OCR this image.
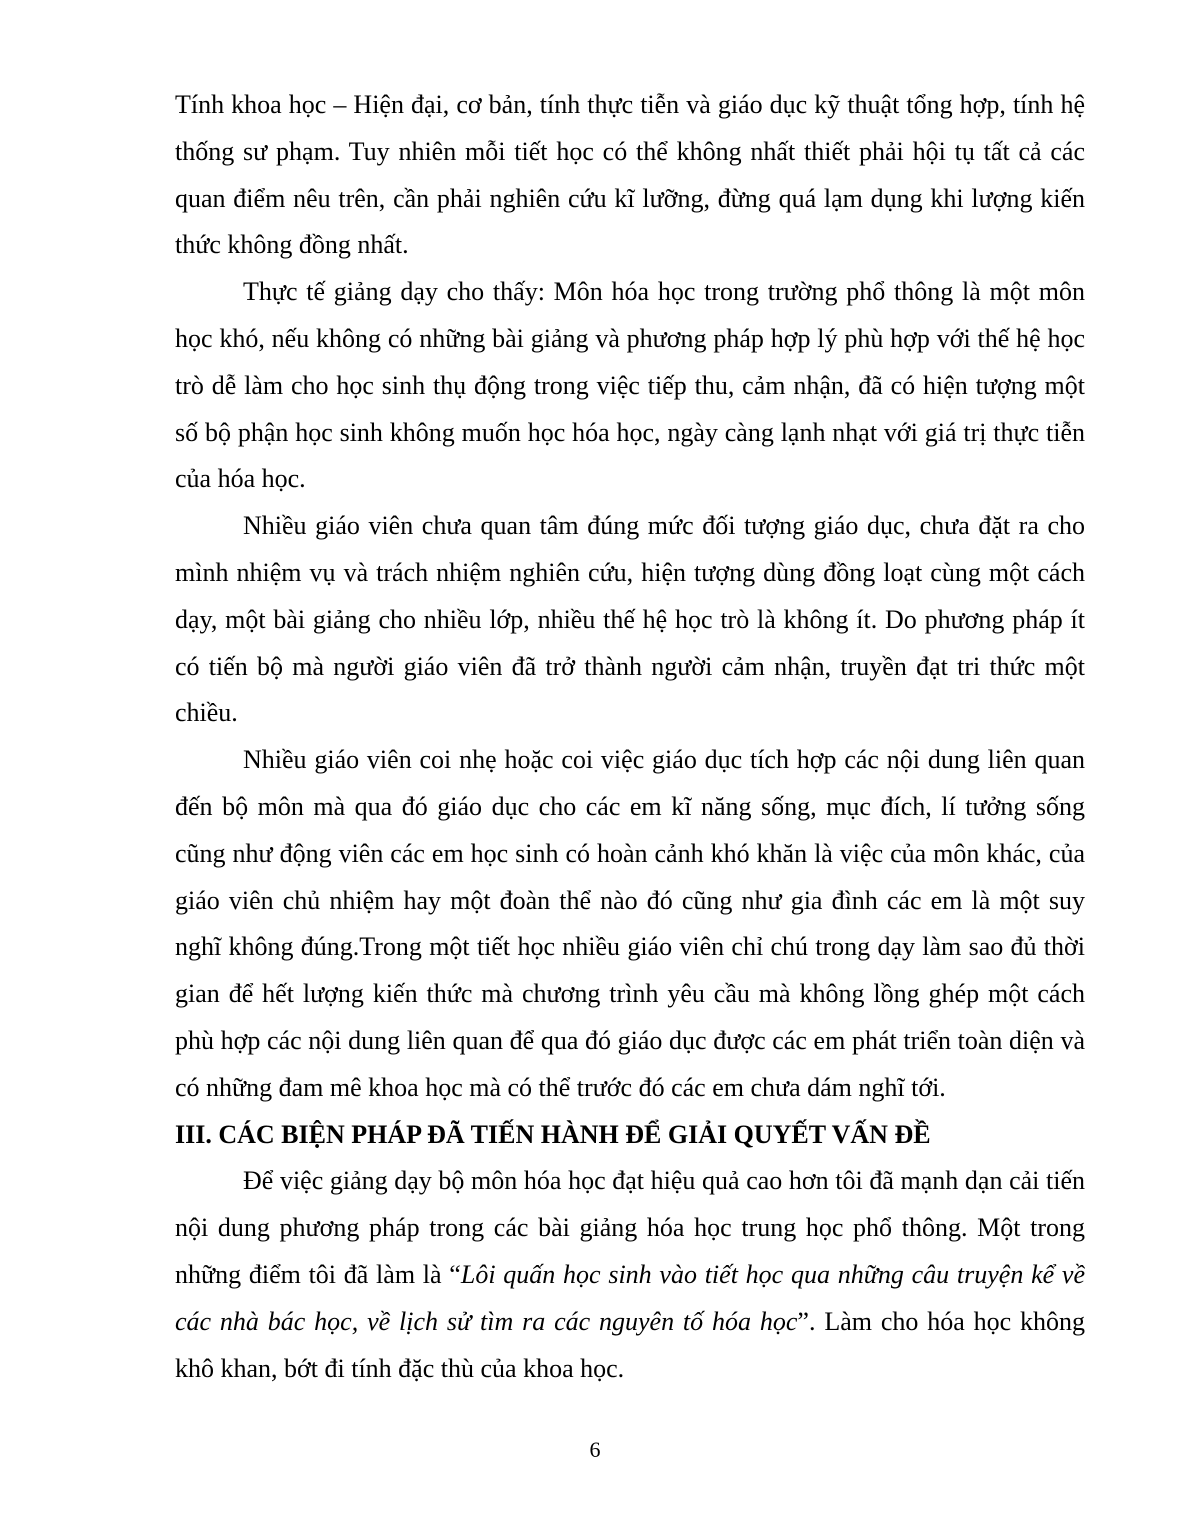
Tính khoa học – Hiện đại, cơ bản, tính thực tiễn và giáo dục kỹ thuật tổng hợp, tính hệ thống sư phạm. Tuy nhiên mỗi tiết học có thể không nhất thiết phải hội tụ tất cả các quan điểm nêu trên, cần phải nghiên cứu kĩ lưỡng, đừng quá lạm dụng khi lượng kiến thức không đồng nhất.

Thực tế giảng dạy cho thấy: Môn hóa học trong trường phổ thông là một môn học khó, nếu không có những bài giảng và phương pháp hợp lý phù hợp với thế hệ học trò dễ làm cho học sinh thụ động trong việc tiếp thu, cảm nhận, đã có hiện tượng một số bộ phận học sinh không muốn học hóa học, ngày càng lạnh nhạt với giá trị thực tiễn của hóa học.

Nhiều giáo viên chưa quan tâm đúng mức đối tượng giáo dục, chưa đặt ra cho mình nhiệm vụ và trách nhiệm nghiên cứu, hiện tượng dùng đồng loạt cùng một cách dạy, một bài giảng cho nhiều lớp, nhiều thế hệ học trò là không ít. Do phương pháp ít có tiến bộ mà người giáo viên đã trở thành người cảm nhận, truyền đạt tri thức một chiều.

Nhiều giáo viên coi nhẹ hoặc coi việc giáo dục tích hợp các nội dung liên quan đến bộ môn mà qua đó giáo dục cho các em kĩ năng sống, mục đích, lí tưởng sống cũng như động viên các em học sinh có hoàn cảnh khó khăn là việc của môn khác, của giáo viên chủ nhiệm hay một đoàn thể nào đó cũng như gia đình các em là một suy nghĩ không đúng.Trong một tiết học nhiều giáo viên chỉ chú trong dạy làm sao đủ thời gian để hết lượng kiến thức mà chương trình yêu cầu mà không lồng ghép một cách phù hợp các nội dung liên quan để qua đó giáo dục được các em phát triển toàn diện và có những đam mê khoa học mà có thể trước đó các em chưa dám nghĩ tới.

III. CÁC BIỆN PHÁP ĐÃ TIẾN HÀNH ĐỂ GIẢI QUYẾT VẤN ĐỀ

Để việc giảng dạy bộ môn hóa học đạt hiệu quả cao hơn tôi đã mạnh dạn cải tiến nội dung phương pháp trong các bài giảng hóa học trung học phổ thông. Một trong những điểm tôi đã làm là “Lôi quấn học sinh vào tiết học qua những câu truyện kể về các nhà bác học, về lịch sử tìm ra các nguyên tố hóa học”. Làm cho hóa học không khô khan, bớt đi tính đặc thù của khoa học.

6
